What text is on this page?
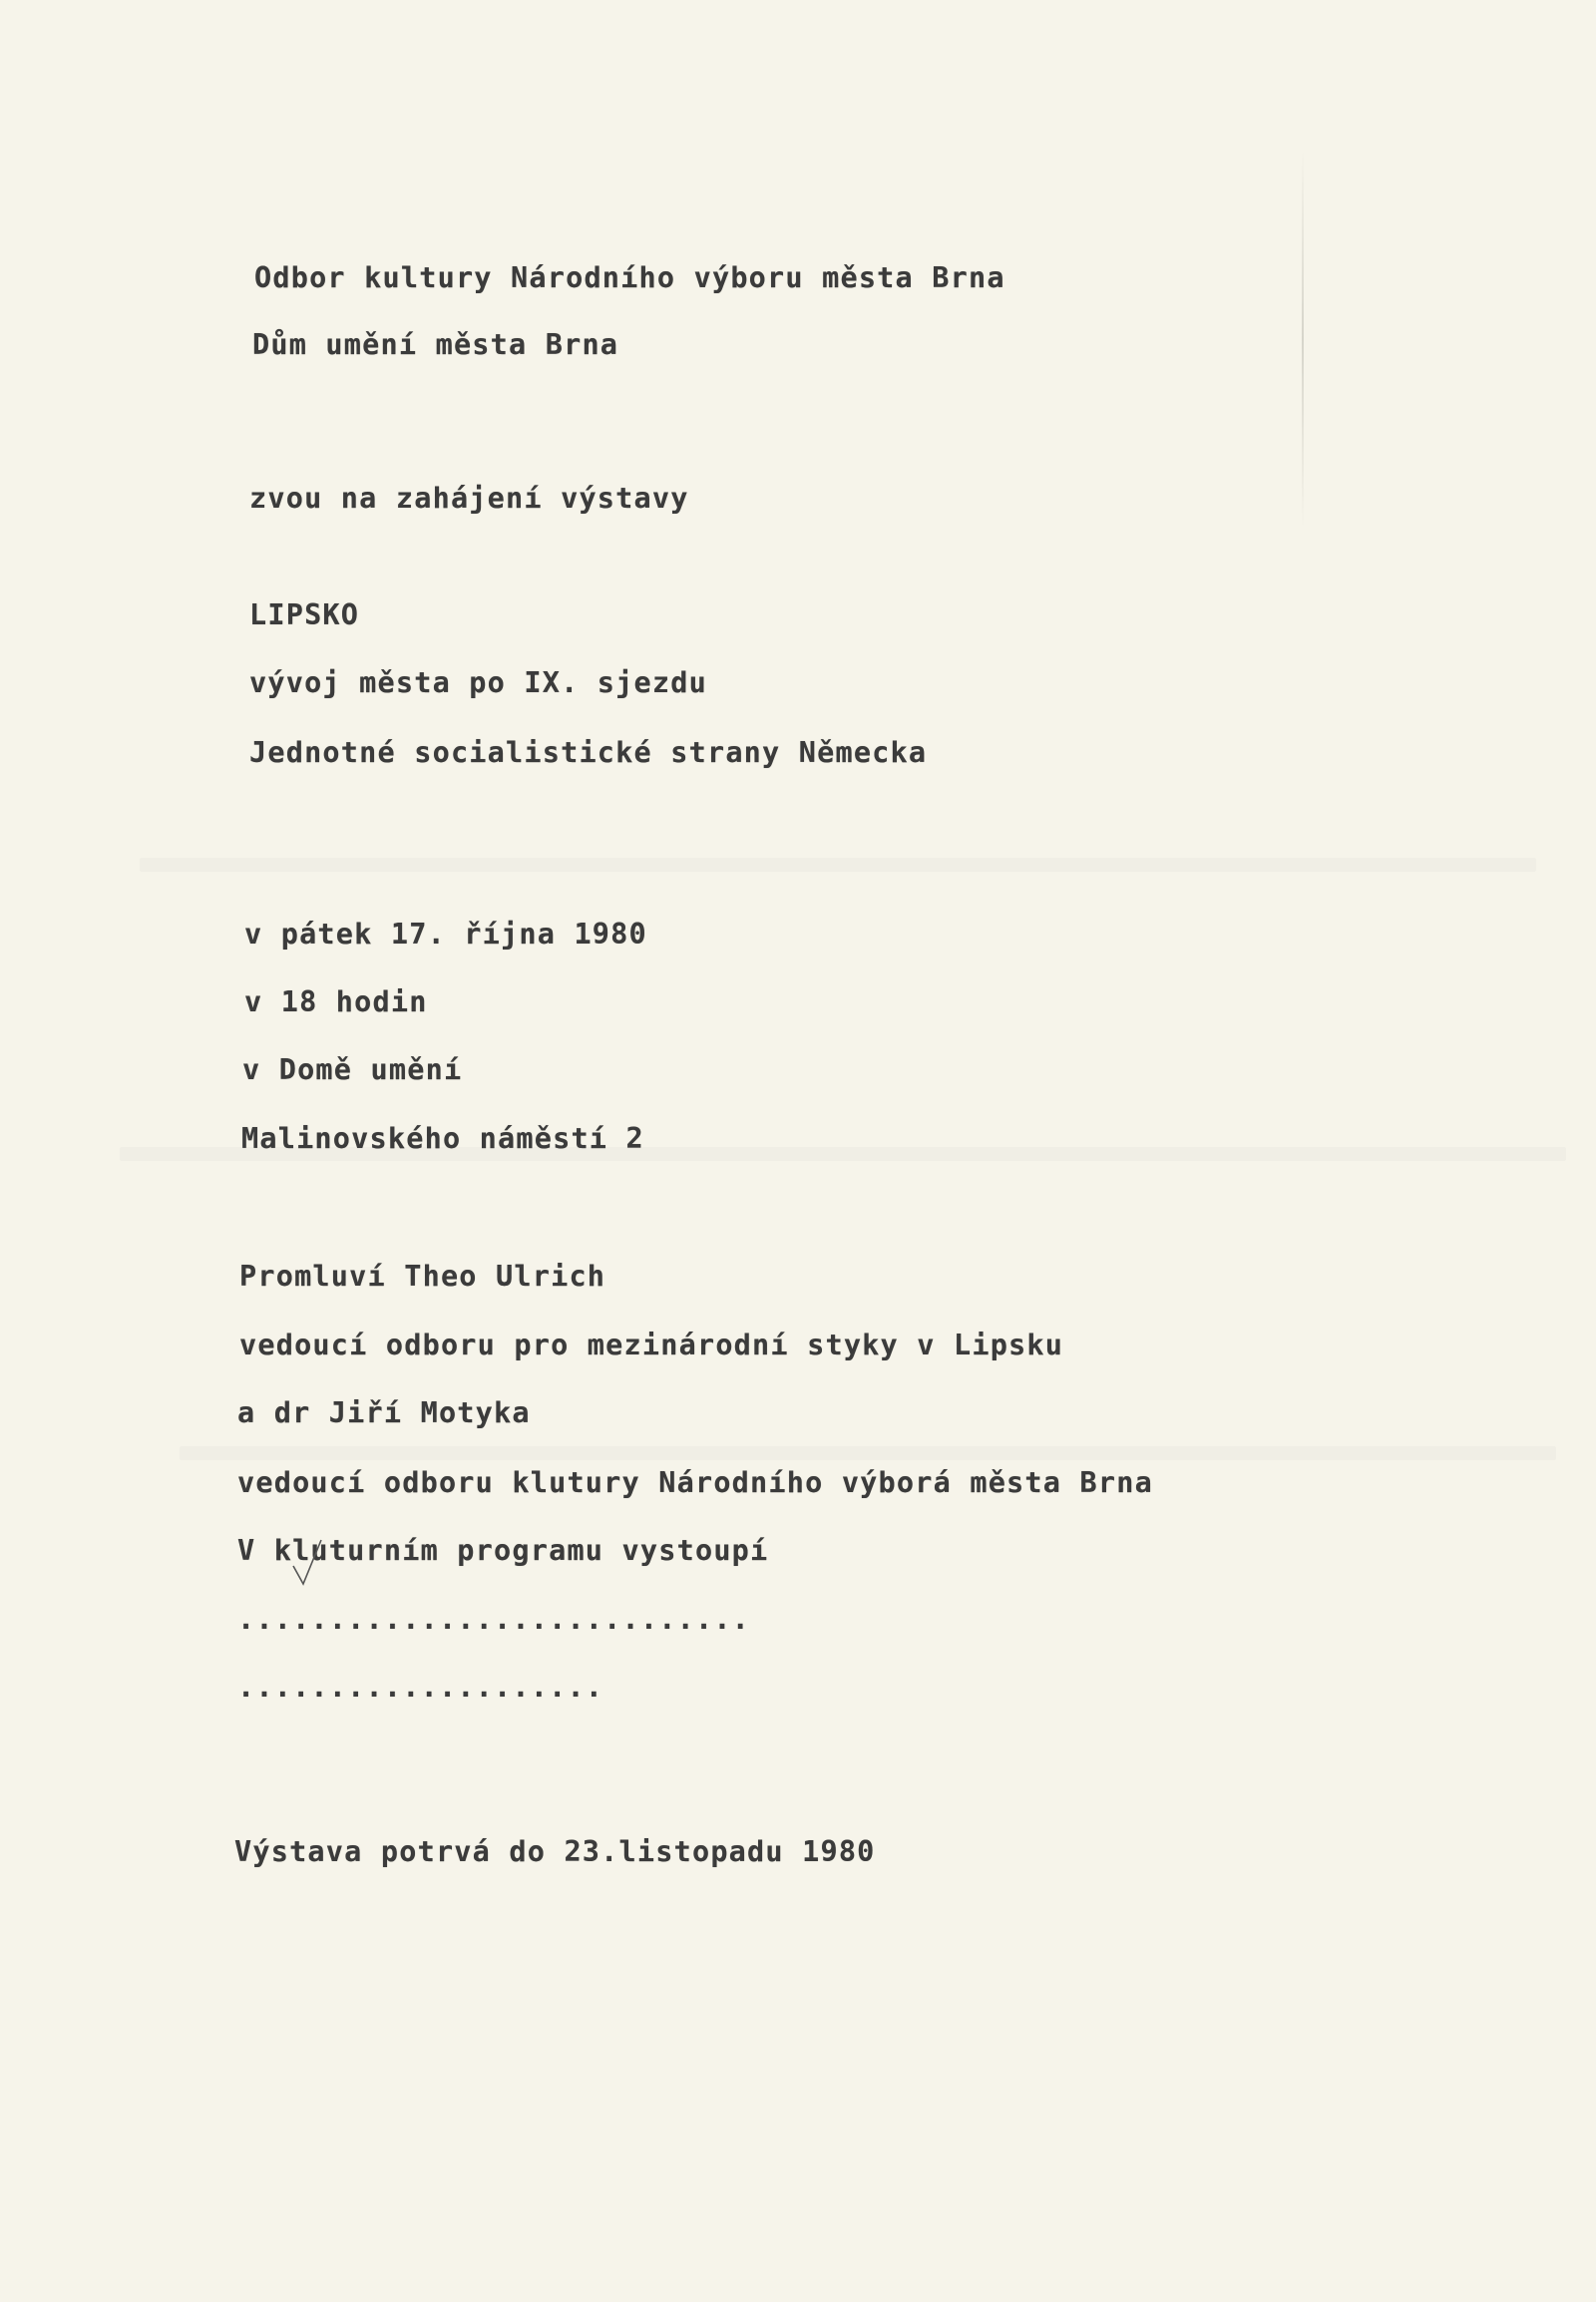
Odbor kultury Národního výboru města Brna
Dům umění města Brna
zvou na zahájení výstavy
LIPSKO
vývoj města po IX. sjezdu
Jednotné socialistické strany Německa
v pátek 17. října 1980
v 18 hodin
v Domě umění
Malinovského náměstí 2
Promluví Theo Ulrich
vedoucí odboru pro mezinárodní styky v Lipsku
a dr Jiří Motyka
vedoucí odboru klutury Národního výborá města Brna
V kluturním programu vystoupí
............................
....................
Výstava potrvá do 23.listopadu 1980
